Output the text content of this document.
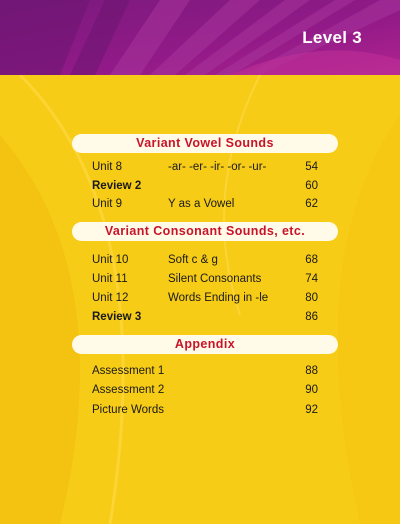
Level 3
Variant Vowel Sounds
Unit 8	-ar- -er- -ir- -or- -ur-	54
Review 2	60
Unit 9	Y as a Vowel	62
Variant Consonant Sounds, etc.
Unit 10	Soft c & g	68
Unit 11	Silent Consonants	74
Unit 12	Words Ending in -le	80
Review 3	86
Appendix
Assessment 1	88
Assessment 2	90
Picture Words	92
